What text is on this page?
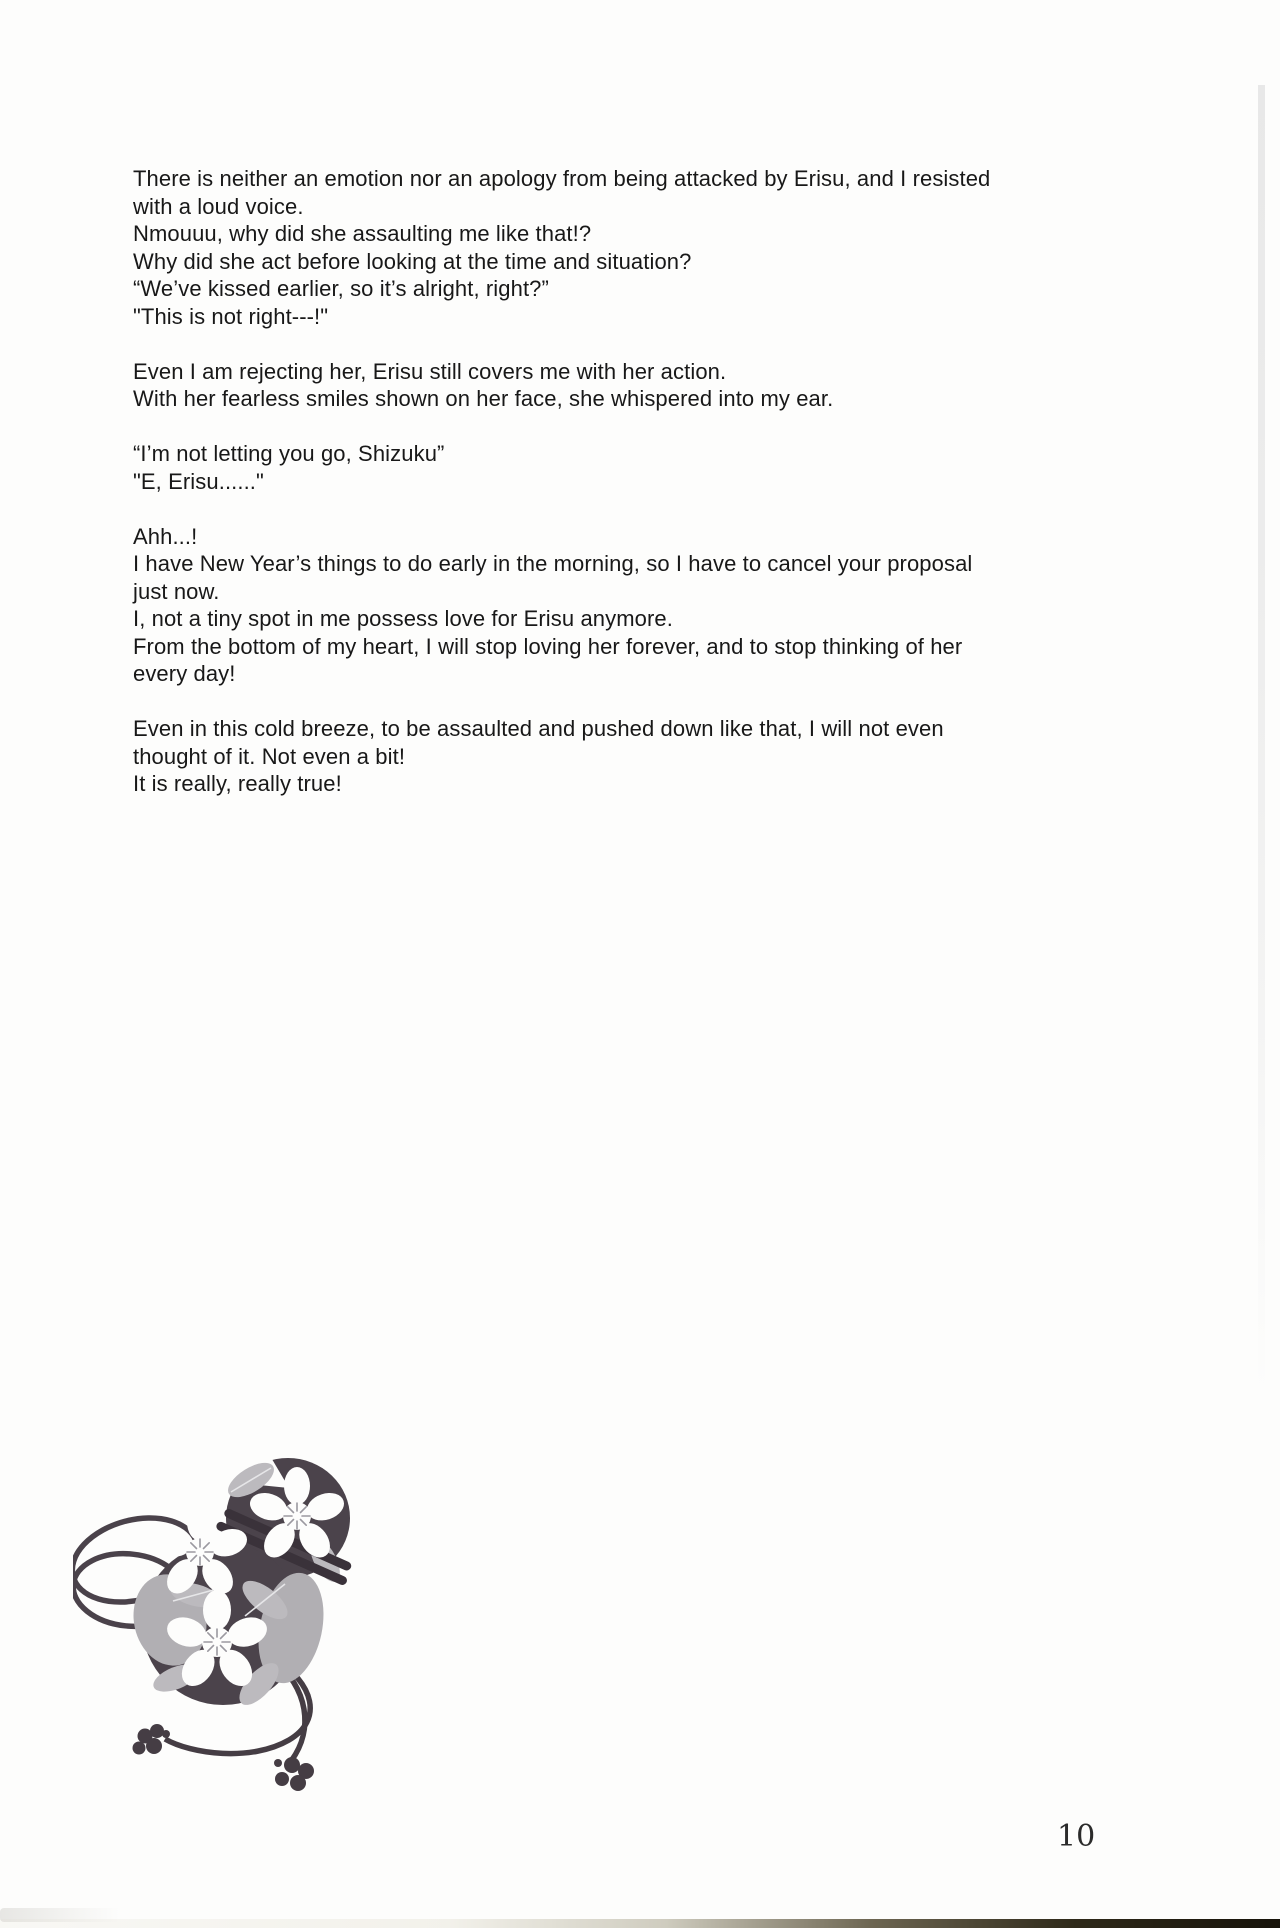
There is neither an emotion nor an apology from being attacked by Erisu, and I resisted
with a loud voice.
Nmouuu, why did she assaulting me like that!?
Why did she act before looking at the time and situation?
“We’ve kissed earlier, so it’s alright, right?”
"This is not right---!"
Even I am rejecting her, Erisu still covers me with her action.
With her fearless smiles shown on her face, she whispered into my ear.
“I’m not letting you go, Shizuku”
"E, Erisu......"
Ahh...!
I have New Year’s things to do early in the morning, so I have to cancel your proposal
just now.
I, not a tiny spot in me possess love for Erisu anymore.
From the bottom of my heart, I will stop loving her forever, and to stop thinking of her
every day!
Even in this cold breeze, to be assaulted and pushed down like that, I will not even
thought of it. Not even a bit!
It is really, really true!
10
